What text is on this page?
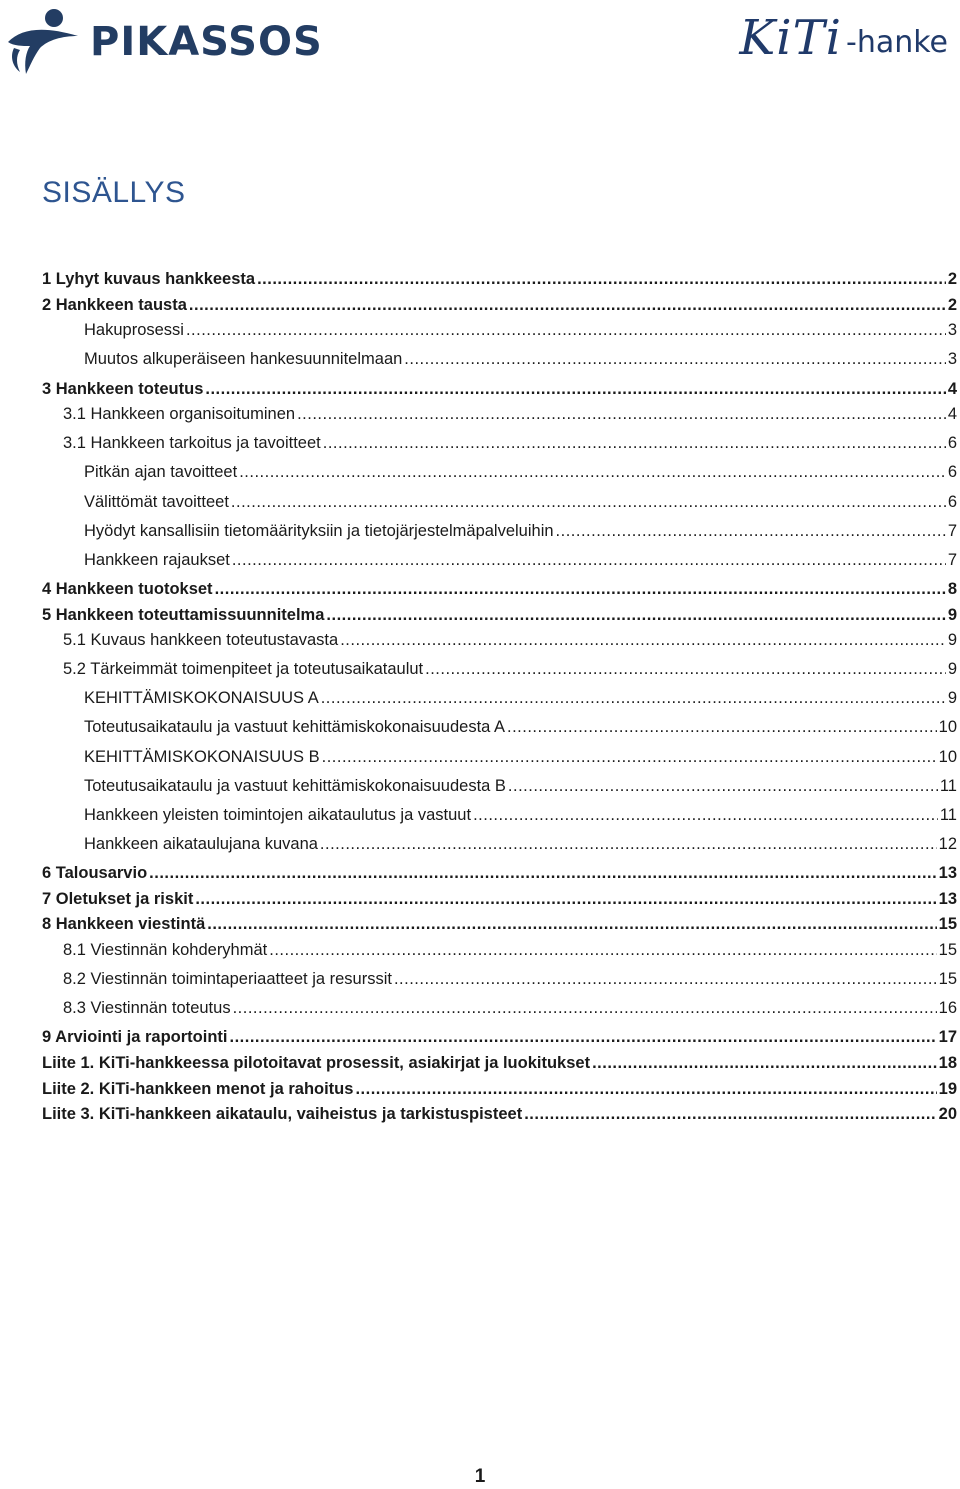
PIKASSOS	KiTi -hanke
SISÄLLYS
1 Lyhyt kuvaus hankkeesta .....	2
2 Hankkeen tausta .....	2
Hakuprosessi .....	3
Muutos alkuperäiseen hankesuunnitelmaan .....	3
3 Hankkeen toteutus .....	4
3.1 Hankkeen organisoituminen .....	4
3.1 Hankkeen tarkoitus ja tavoitteet .....	6
Pitkän ajan tavoitteet .....	6
Välittömät tavoitteet .....	6
Hyödyt kansallisiin tietomäärityksiin ja tietojärjestelmäpalveluihin .....	7
Hankkeen rajaukset .....	7
4 Hankkeen tuotokset .....	8
5 Hankkeen toteuttamissuunnitelma .....	9
5.1 Kuvaus hankkeen toteutustavasta .....	9
5.2 Tärkeimmät toimenpiteet ja toteutusaikataulut .....	9
KEHITTÄMISKOKONAISUUS A .....	9
Toteutusaikataulu ja vastuut kehittämiskokonaisuudesta A .....	10
KEHITTÄMISKOKONAISUUS B .....	10
Toteutusaikataulu ja vastuut kehittämiskokonaisuudesta B .....	11
Hankkeen yleisten toimintojen aikataulutus ja vastuut .....	11
Hankkeen aikataulujana kuvana .....	12
6 Talousarvio .....	13
7 Oletukset ja riskit .....	13
8 Hankkeen viestintä .....	15
8.1 Viestinnän kohderyhmät .....	15
8.2 Viestinnän toimintaperiaatteet ja resurssit .....	15
8.3 Viestinnän toteutus .....	16
9 Arviointi ja raportointi .....	17
Liite 1. KiTi-hankkeessa pilotoitavat prosessit, asiakirjat ja luokitukset .....	18
Liite 2. KiTi-hankkeen menot ja rahoitus .....	19
Liite 3. KiTi-hankkeen aikataulu, vaiheistus ja tarkistuspisteet .....	20
1
